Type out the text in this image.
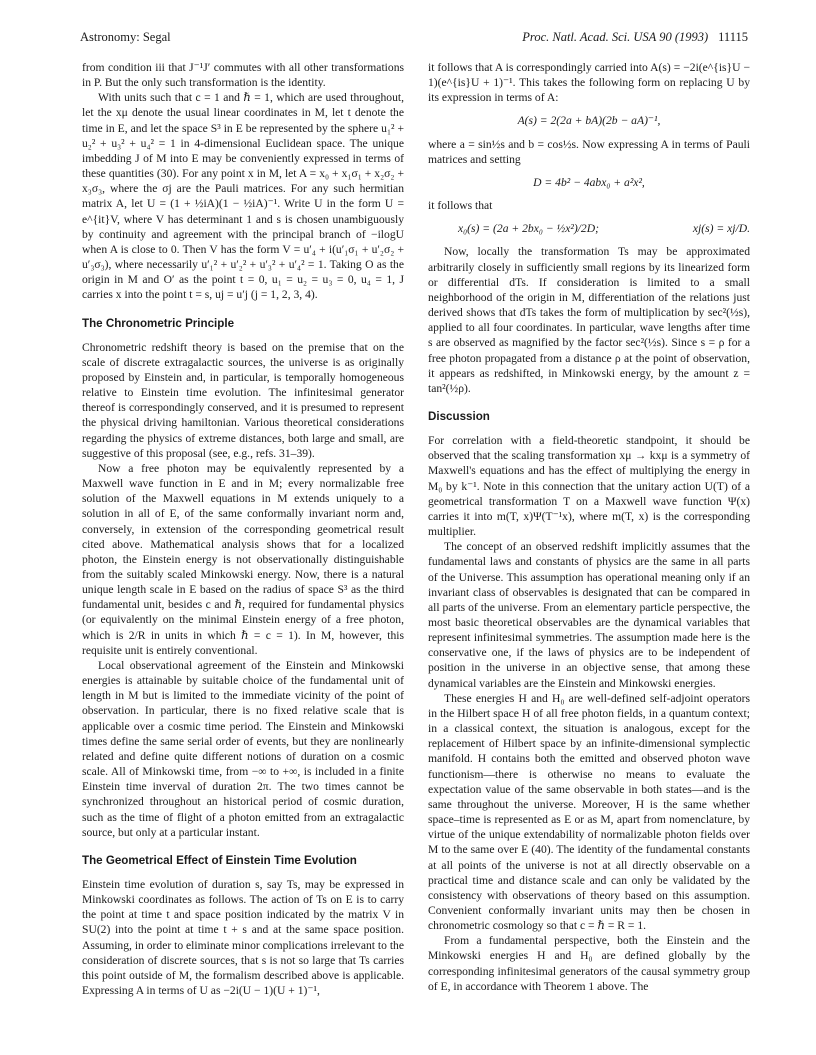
Astronomy: Segal	Proc. Natl. Acad. Sci. USA 90 (1993) 11115

from condition iii that J⁻¹J′ commutes with all other transformations in P. But the only such transformation is the identity.

With units such that c = 1 and ℏ = 1, which are used throughout, let the xμ denote the usual linear coordinates in M, let t denote the time in E, and let the space S³ in E be represented by the sphere u₁² + u₂² + u₃² + u₄² = 1 in 4-dimensional Euclidean space. The unique imbedding J of M into E may be conveniently expressed in terms of these quantities (30). For any point x in M, let A = x₀ + x₁σ₁ + x₂σ₂ + x₃σ₃, where the σj are the Pauli matrices. For any such hermitian matrix A, let U = (1 + ½iA)(1 − ½iA)⁻¹. Write U in the form U = e^{it}V, where V has determinant 1 and s is chosen unambiguously by continuity and agreement with the principal branch of −ilogU when A is close to 0. Then V has the form V = u′₄ + i(u′₁σ₁ + u′₂σ₂ + u′₃σ₃), where necessarily u′₁² + u′₂² + u′₃² + u′₄² = 1. Taking O as the origin in M and O′ as the point t = 0, u₁ = u₂ = u₃ = 0, u₄ = 1, J carries x into the point t = s, uj = u′j (j = 1, 2, 3, 4).

The Chronometric Principle

Chronometric redshift theory is based on the premise that on the scale of discrete extragalactic sources, the universe is as originally proposed by Einstein and, in particular, is temporally homogeneous relative to Einstein time evolution. The infinitesimal generator thereof is correspondingly conserved, and it is presumed to represent the physical driving hamiltonian. Various theoretical considerations regarding the physics of extreme distances, both large and small, are suggestive of this proposal (see, e.g., refs. 31–39).

Now a free photon may be equivalently represented by a Maxwell wave function in E and in M; every normalizable free solution of the Maxwell equations in M extends uniquely to a solution in all of E, of the same conformally invariant norm and, conversely, in extension of the corresponding geometrical result cited above. Mathematical analysis shows that for a localized photon, the Einstein energy is not observationally distinguishable from the suitably scaled Minkowski energy. Now, there is a natural unique length scale in E based on the radius of space S³ as the third fundamental unit, besides c and ℏ, required for fundamental physics (or equivalently on the minimal Einstein energy of a free photon, which is 2/R in units in which ℏ = c = 1). In M, however, this requisite unit is entirely conventional.

Local observational agreement of the Einstein and Minkowski energies is attainable by suitable choice of the fundamental unit of length in M but is limited to the immediate vicinity of the point of observation. In particular, there is no fixed relative scale that is applicable over a cosmic time period. The Einstein and Minkowski times define the same serial order of events, but they are nonlinearly related and define quite different notions of duration on a cosmic scale. All of Minkowski time, from −∞ to +∞, is included in a finite Einstein time inverval of duration 2π. The two times cannot be synchronized throughout an historical period of cosmic duration, such as the time of flight of a photon emitted from an extragalactic source, but only at a particular instant.

The Geometrical Effect of Einstein Time Evolution

Einstein time evolution of duration s, say Ts, may be expressed in Minkowski coordinates as follows. The action of Ts on E is to carry the point at time t and space position indicated by the matrix V in SU(2) into the point at time t + s and at the same space position. Assuming, in order to eliminate minor complications irrelevant to the consideration of discrete sources, that s is not so large that Ts carries this point outside of M, the formalism described above is applicable. Expressing A in terms of U as −2i(U − 1)(U + 1)⁻¹,

it follows that A is correspondingly carried into A(s) = −2i(e^{is}U − 1)(e^{is}U + 1)⁻¹. This takes the following form on replacing U by its expression in terms of A:

A(s) = 2(2a + bA)(2b − aA)⁻¹,

where a = sin½s and b = cos½s. Now expressing A in terms of Pauli matrices and setting

D = 4b² − 4abx₀ + a²x²,

it follows that

x₀(s) = (2a + 2bx₀ − ½x²)/2D;	xj(s) = xj/D.

Now, locally the transformation Ts may be approximated arbitrarily closely in sufficiently small regions by its linearized form or differential dTs. If consideration is limited to a small neighborhood of the origin in M, differentiation of the relations just derived shows that dTs takes the form of multiplication by sec²(½s), applied to all four coordinates. In particular, wave lengths after time s are observed as magnified by the factor sec²(½s). Since s = ρ for a free photon propagated from a distance ρ at the point of observation, it appears as redshifted, in Minkowski energy, by the amount z = tan²(½ρ).

Discussion

For correlation with a field-theoretic standpoint, it should be observed that the scaling transformation xμ → kxμ is a symmetry of Maxwell's equations and has the effect of multiplying the energy in M₀ by k⁻¹. Note in this connection that the unitary action U(T) of a geometrical transformation T on a Maxwell wave function Ψ(x) carries it into m(T, x)Ψ(T⁻¹x), where m(T, x) is the corresponding multiplier.

The concept of an observed redshift implicitly assumes that the fundamental laws and constants of physics are the same in all parts of the Universe. This assumption has operational meaning only if an invariant class of observables is designated that can be compared in all parts of the universe. From an elementary particle perspective, the most basic theoretical observables are the dynamical variables that represent infinitesimal symmetries. The assumption made here is the conservative one, if the laws of physics are to be independent of position in the universe in an objective sense, that among these dynamical variables are the Einstein and Minkowski energies.

These energies H and H₀ are well-defined self-adjoint operators in the Hilbert space H of all free photon fields, in a quantum context; in a classical context, the situation is analogous, except for the replacement of Hilbert space by an infinite-dimensional symplectic manifold. H contains both the emitted and observed photon wave functionism—there is otherwise no means to evaluate the expectation value of the same observable in both states—and is the same throughout the universe. Moreover, H is the same whether space–time is represented as E or as M, apart from nomenclature, by virtue of the unique extendability of normalizable photon fields over M to the same over E (40). The identity of the fundamental constants at all points of the universe is not at all directly observable on a practical time and distance scale and can only be validated by the consistency with observations of theory based on this assumption. Convenient conformally invariant units may then be chosen in chronometric cosmology so that c = ℏ = R = 1.

From a fundamental perspective, both the Einstein and the Minkowski energies H and H₀ are defined globally by the corresponding infinitesimal generators of the causal symmetry group of E, in accordance with Theorem 1 above. The
